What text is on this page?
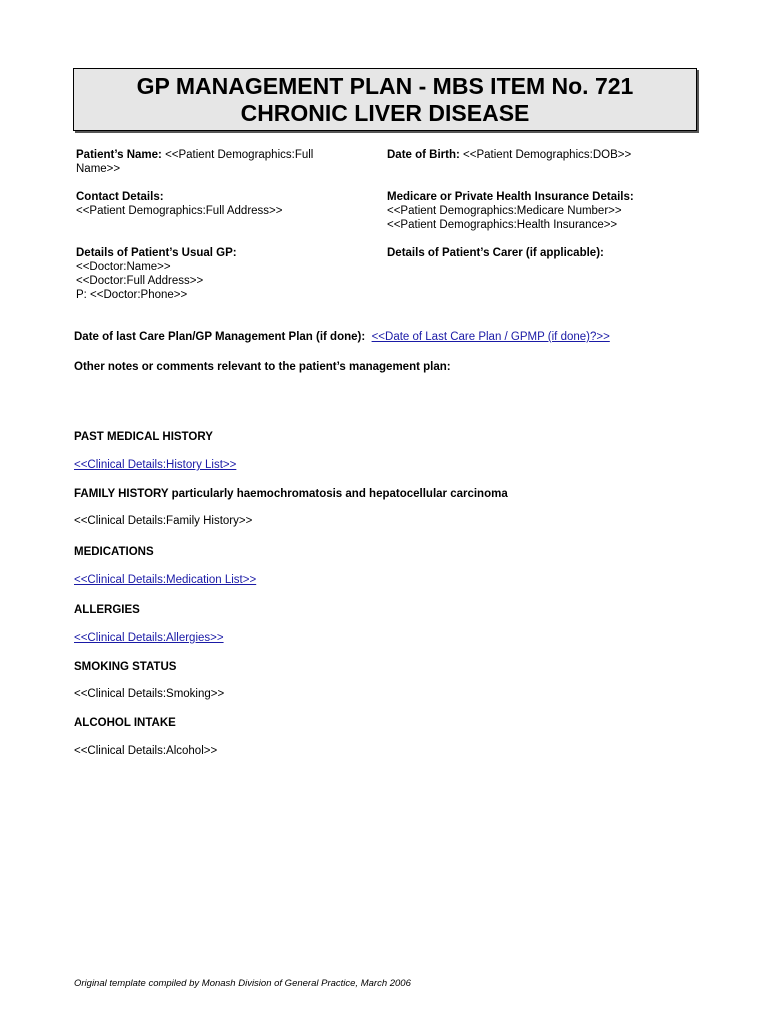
GP MANAGEMENT PLAN - MBS ITEM No. 721
CHRONIC LIVER DISEASE
Patient’s Name: <<Patient Demographics:Full
Name>>
Date of Birth: <<Patient Demographics:DOB>>
Contact Details:
<<Patient Demographics:Full Address>>
Medicare or Private Health Insurance Details:
<<Patient Demographics:Medicare Number>>
<<Patient Demographics:Health Insurance>>
Details of Patient’s Usual GP:
<<Doctor:Name>>
<<Doctor:Full Address>>
P: <<Doctor:Phone>>
Details of Patient’s Carer (if applicable):
Date of last Care Plan/GP Management Plan (if done): <<Date of Last Care Plan / GPMP (if done)?>>
Other notes or comments relevant to the patient’s management plan:
PAST MEDICAL HISTORY
<<Clinical Details:History List>>
FAMILY HISTORY particularly haemochromatosis and hepatocellular carcinoma
<<Clinical Details:Family History>>
MEDICATIONS
<<Clinical Details:Medication List>>
ALLERGIES
<<Clinical Details:Allergies>>
SMOKING STATUS
<<Clinical Details:Smoking>>
ALCOHOL INTAKE
<<Clinical Details:Alcohol>>
Original template compiled by Monash Division of General Practice, March 2006
